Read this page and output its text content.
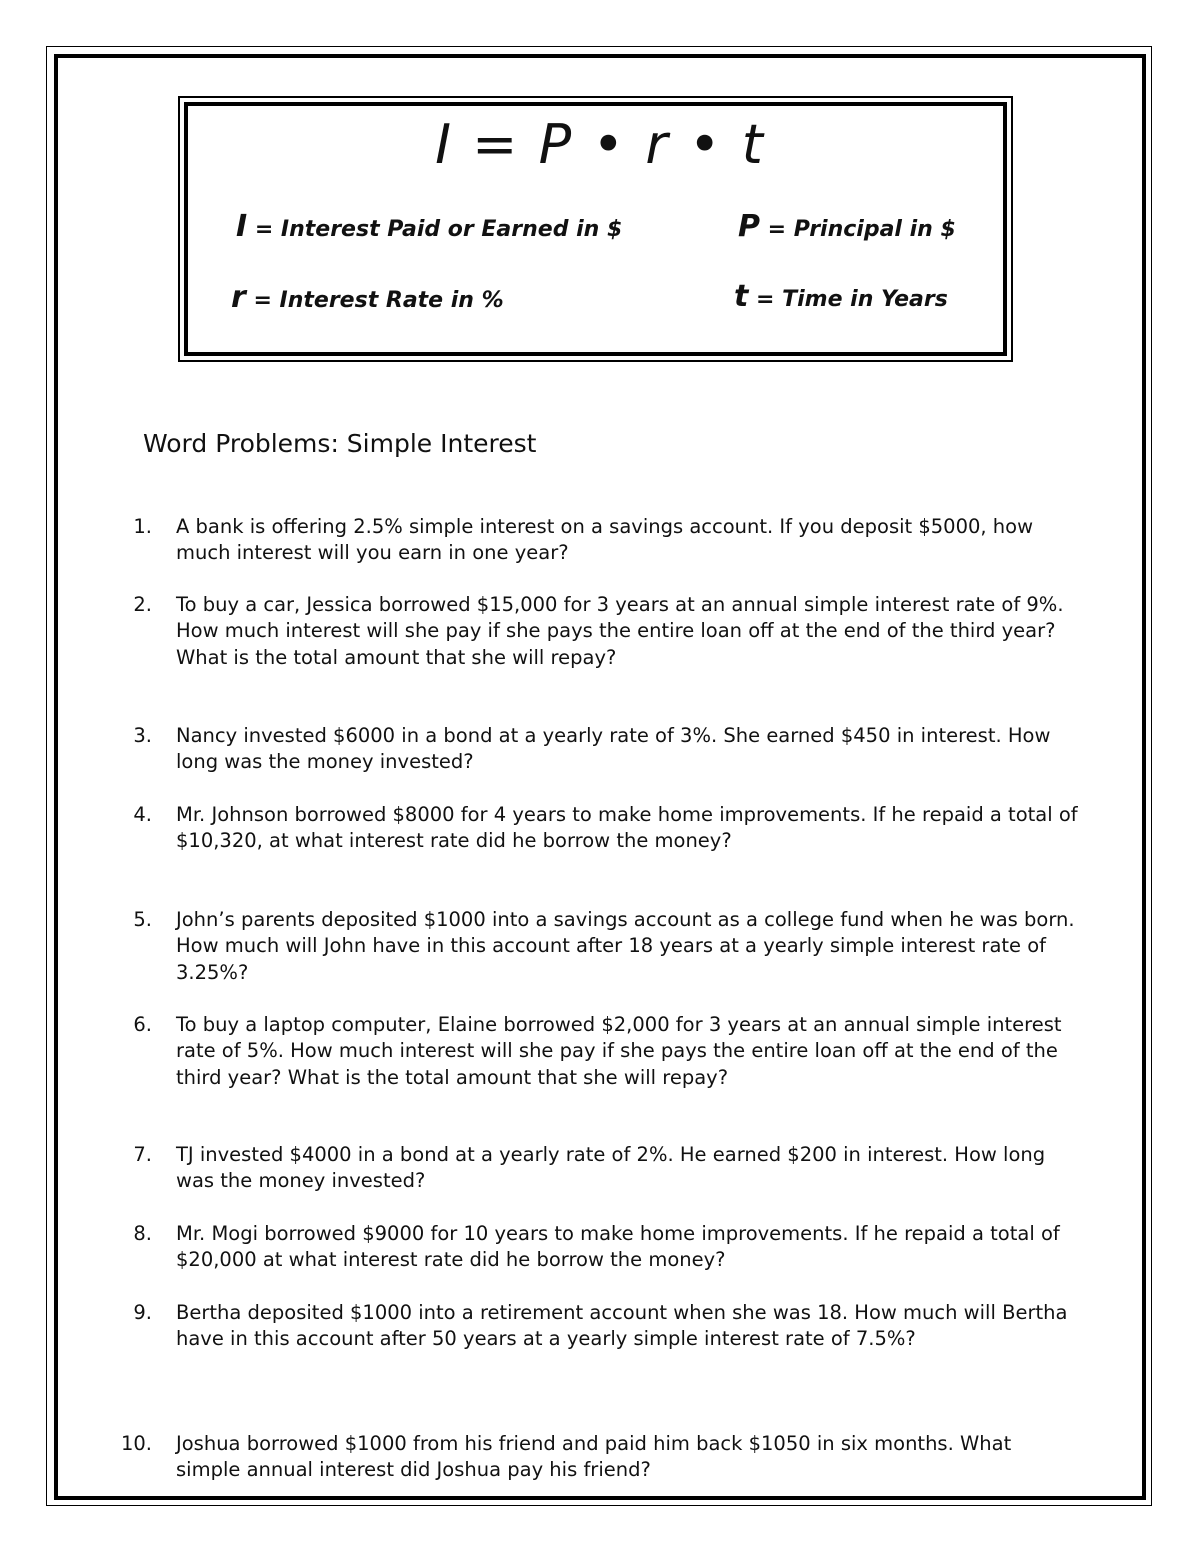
I = P • r • t
I = Interest Paid or Earned in $	P = Principal in $
r = Interest Rate in %	t = Time in Years
Word Problems: Simple Interest
1. A bank is offering 2.5% simple interest on a savings account. If you deposit $5000, how much interest will you earn in one year?
2. To buy a car, Jessica borrowed $15,000 for 3 years at an annual simple interest rate of 9%. How much interest will she pay if she pays the entire loan off at the end of the third year? What is the total amount that she will repay?
3. Nancy invested $6000 in a bond at a yearly rate of 3%. She earned $450 in interest. How long was the money invested?
4. Mr. Johnson borrowed $8000 for 4 years to make home improvements. If he repaid a total of $10,320, at what interest rate did he borrow the money?
5. John’s parents deposited $1000 into a savings account as a college fund when he was born. How much will John have in this account after 18 years at a yearly simple interest rate of 3.25%?
6. To buy a laptop computer, Elaine borrowed $2,000 for 3 years at an annual simple interest rate of 5%. How much interest will she pay if she pays the entire loan off at the end of the third year? What is the total amount that she will repay?
7. TJ invested $4000 in a bond at a yearly rate of 2%. He earned $200 in interest. How long was the money invested?
8. Mr. Mogi borrowed $9000 for 10 years to make home improvements. If he repaid a total of $20,000 at what interest rate did he borrow the money?
9. Bertha deposited $1000 into a retirement account when she was 18. How much will Bertha have in this account after 50 years at a yearly simple interest rate of 7.5%?
10. Joshua borrowed $1000 from his friend and paid him back $1050 in six months. What simple annual interest did Joshua pay his friend?
